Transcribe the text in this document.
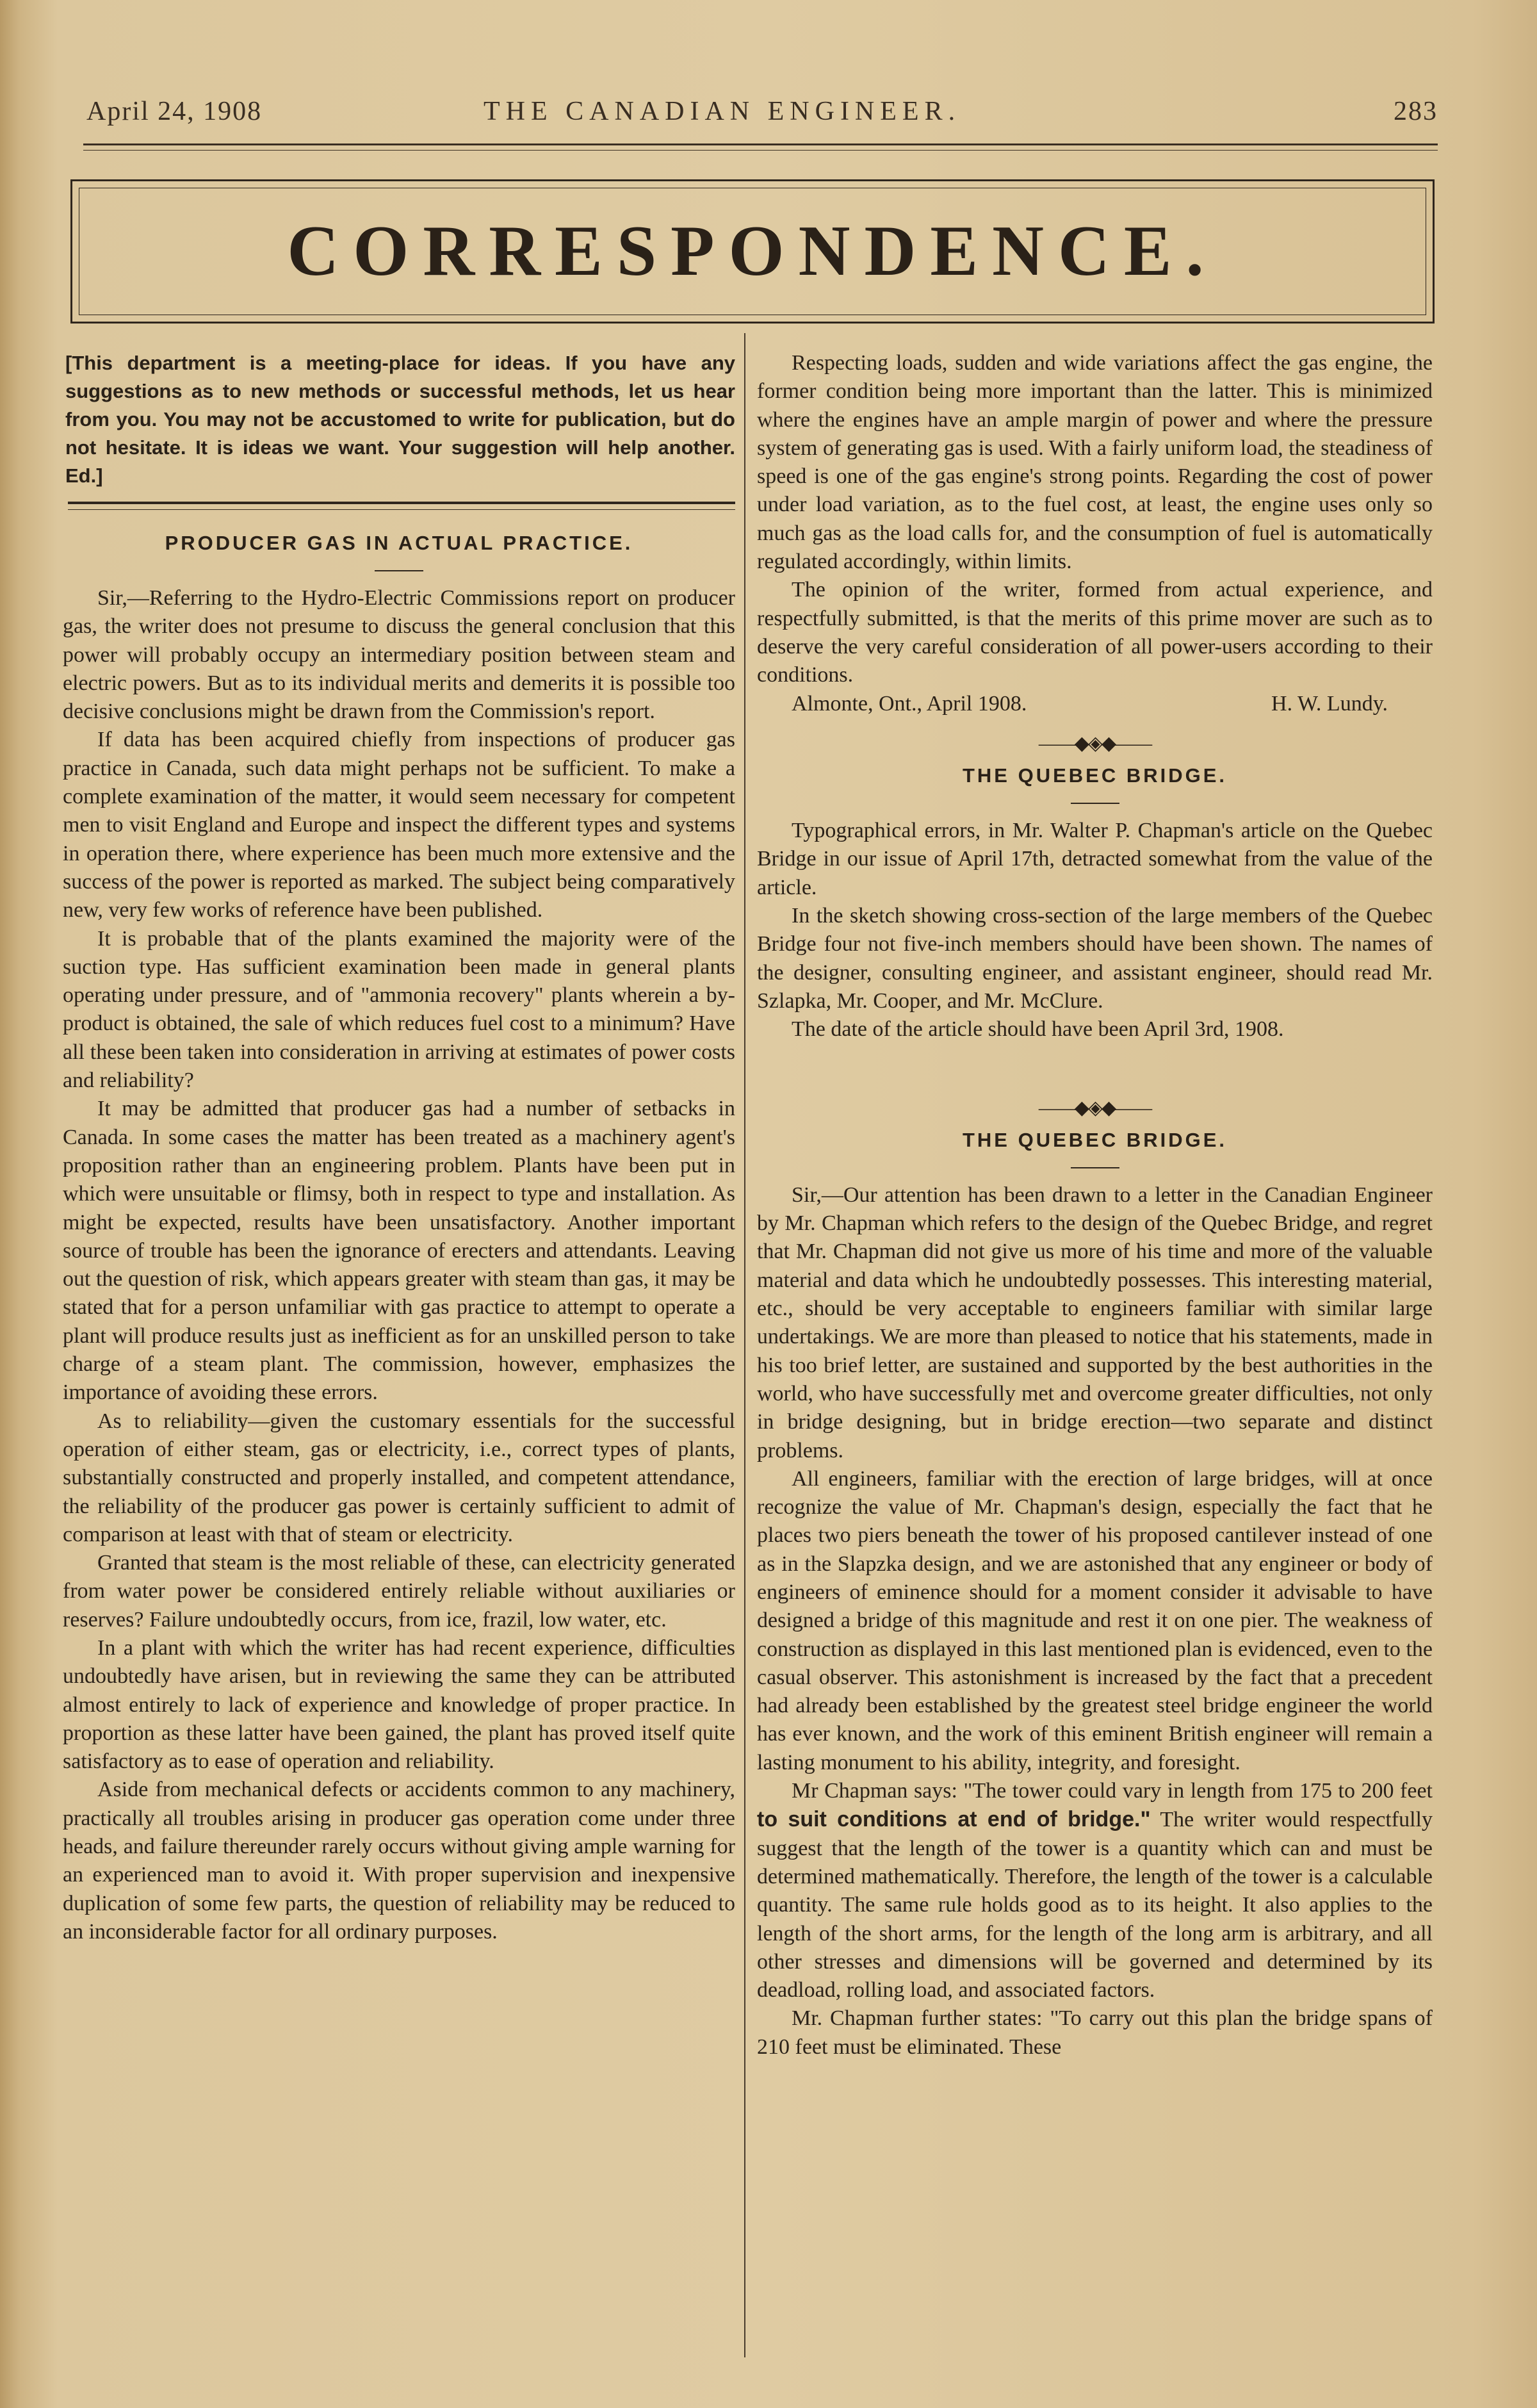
April 24, 1908	THE CANADIAN ENGINEER.	283
CORRESPONDENCE.
[This department is a meeting-place for ideas. If you have any suggestions as to new methods or successful methods, let us hear from you. You may not be accustomed to write for publication, but do not hesitate. It is ideas we want. Your suggestion will help another. Ed.]
PRODUCER GAS IN ACTUAL PRACTICE.

Sir,—Referring to the Hydro-Electric Commissions report on producer gas, the writer does not presume to discuss the general conclusion that this power will probably occupy an intermediary position between steam and electric powers. But as to its individual merits and demerits it is possible too decisive conclusions might be drawn from the Commission's report.

If data has been acquired chiefly from inspections of producer gas practice in Canada, such data might perhaps not be sufficient. To make a complete examination of the matter, it would seem necessary for competent men to visit England and Europe and inspect the different types and systems in operation there, where experience has been much more extensive and the success of the power is reported as marked. The subject being comparatively new, very few works of reference have been published.

It is probable that of the plants examined the majority were of the suction type. Has sufficient examination been made in general plants operating under pressure, and of "ammonia recovery" plants wherein a by-product is obtained, the sale of which reduces fuel cost to a minimum? Have all these been taken into consideration in arriving at estimates of power costs and reliability?

It may be admitted that producer gas had a number of setbacks in Canada. In some cases the matter has been treated as a machinery agent's proposition rather than an engineering problem. Plants have been put in which were unsuitable or flimsy, both in respect to type and installation. As might be expected, results have been unsatisfactory. Another important source of trouble has been the ignorance of erecters and attendants. Leaving out the question of risk, which appears greater with steam than gas, it may be stated that for a person unfamiliar with gas practice to attempt to operate a plant will produce results just as inefficient as for an unskilled person to take charge of a steam plant. The commission, however, emphasizes the importance of avoiding these errors.

As to reliability—given the customary essentials for the successful operation of either steam, gas or electricity, i.e., correct types of plants, substantially constructed and properly installed, and competent attendance, the reliability of the producer gas power is certainly sufficient to admit of comparison at least with that of steam or electricity.

Granted that steam is the most reliable of these, can electricity generated from water power be considered entirely reliable without auxiliaries or reserves? Failure undoubtedly occurs, from ice, frazil, low water, etc.

In a plant with which the writer has had recent experience, difficulties undoubtedly have arisen, but in reviewing the same they can be attributed almost entirely to lack of experience and knowledge of proper practice. In proportion as these latter have been gained, the plant has proved itself quite satisfactory as to ease of operation and reliability.

Aside from mechanical defects or accidents common to any machinery, practically all troubles arising in producer gas operation come under three heads, and failure thereunder rarely occurs without giving ample warning for an experienced man to avoid it. With proper supervision and inexpensive duplication of some few parts, the question of reliability may be reduced to an inconsiderable factor for all ordinary purposes.

Respecting loads, sudden and wide variations affect the gas engine, the former condition being more important than the latter. This is minimized where the engines have an ample margin of power and where the pressure system of generating gas is used. With a fairly uniform load, the steadiness of speed is one of the gas engine's strong points. Regarding the cost of power under load variation, as to the fuel cost, at least, the engine uses only so much gas as the load calls for, and the consumption of fuel is automatically regulated accordingly, within limits.

The opinion of the writer, formed from actual experience, and respectfully submitted, is that the merits of this prime mover are such as to deserve the very careful consideration of all power-users according to their conditions.

Almonte, Ont., April 1908.	H. W. Lundy.
——◆◈◆——
THE QUEBEC BRIDGE.

Typographical errors, in Mr. Walter P. Chapman's article on the Quebec Bridge in our issue of April 17th, detracted somewhat from the value of the article.

In the sketch showing cross-section of the large members of the Quebec Bridge four not five-inch members should have been shown. The names of the designer, consulting engineer, and assistant engineer, should read Mr. Szlapka, Mr. Cooper, and Mr. McClure.

The date of the article should have been April 3rd, 1908.

——◆◈◆——
THE QUEBEC BRIDGE.

Sir,—Our attention has been drawn to a letter in the Canadian Engineer by Mr. Chapman which refers to the design of the Quebec Bridge, and regret that Mr. Chapman did not give us more of his time and more of the valuable material and data which he undoubtedly possesses. This interesting material, etc., should be very acceptable to engineers familiar with similar large undertakings. We are more than pleased to notice that his statements, made in his too brief letter, are sustained and supported by the best authorities in the world, who have successfully met and overcome greater difficulties, not only in bridge designing, but in bridge erection—two separate and distinct problems.

All engineers, familiar with the erection of large bridges, will at once recognize the value of Mr. Chapman's design, especially the fact that he places two piers beneath the tower of his proposed cantilever instead of one as in the Slapzka design, and we are astonished that any engineer or body of engineers of eminence should for a moment consider it advisable to have designed a bridge of this magnitude and rest it on one pier. The weakness of construction as displayed in this last mentioned plan is evidenced, even to the casual observer. This astonishment is increased by the fact that a precedent had already been established by the greatest steel bridge engineer the world has ever known, and the work of this eminent British engineer will remain a lasting monument to his ability, integrity, and foresight.

Mr Chapman says: "The tower could vary in length from 175 to 200 feet to suit conditions at end of bridge." The writer would respectfully suggest that the length of the tower is a quantity which can and must be determined mathematically. Therefore, the length of the tower is a calculable quantity. The same rule holds good as to its height. It also applies to the length of the short arms, for the length of the long arm is arbitrary, and all other stresses and dimensions will be governed and determined by its deadload, rolling load, and associated factors.

Mr. Chapman further states: "To carry out this plan the bridge spans of 210 feet must be eliminated. These
